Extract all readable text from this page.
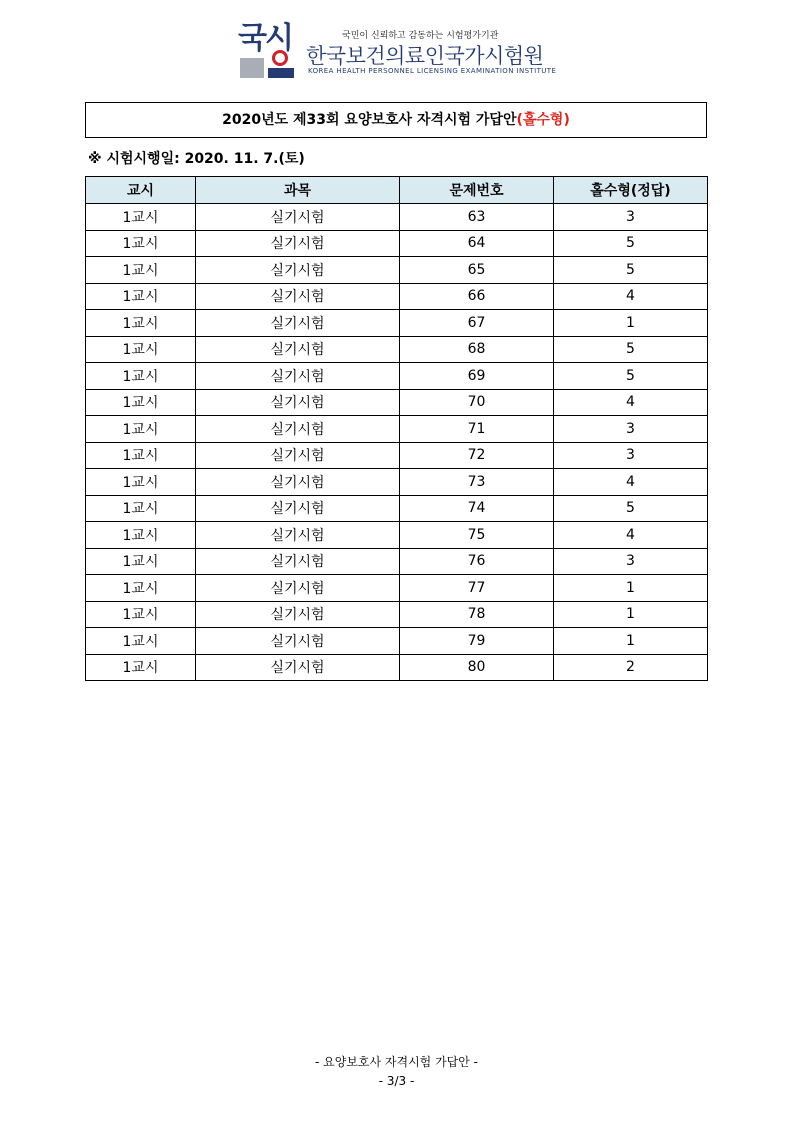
국시	국민이 신뢰하고 감동하는 시험평가기관
한국보건의료인국가시험원
KOREA HEALTH PERSONNEL LICENSING EXAMINATION INSTITUTE
2020년도 제33회 요양보호사 자격시험 가답안(홀수형)
※ 시험시행일: 2020. 11. 7.(토)
교시	과목	문제번호	홀수형(정답)
1교시	실기시험	63	3
1교시	실기시험	64	5
1교시	실기시험	65	5
1교시	실기시험	66	4
1교시	실기시험	67	1
1교시	실기시험	68	5
1교시	실기시험	69	5
1교시	실기시험	70	4
1교시	실기시험	71	3
1교시	실기시험	72	3
1교시	실기시험	73	4
1교시	실기시험	74	5
1교시	실기시험	75	4
1교시	실기시험	76	3
1교시	실기시험	77	1
1교시	실기시험	78	1
1교시	실기시험	79	1
1교시	실기시험	80	2
- 요양보호사 자격시험 가답안 -
- 3/3 -
